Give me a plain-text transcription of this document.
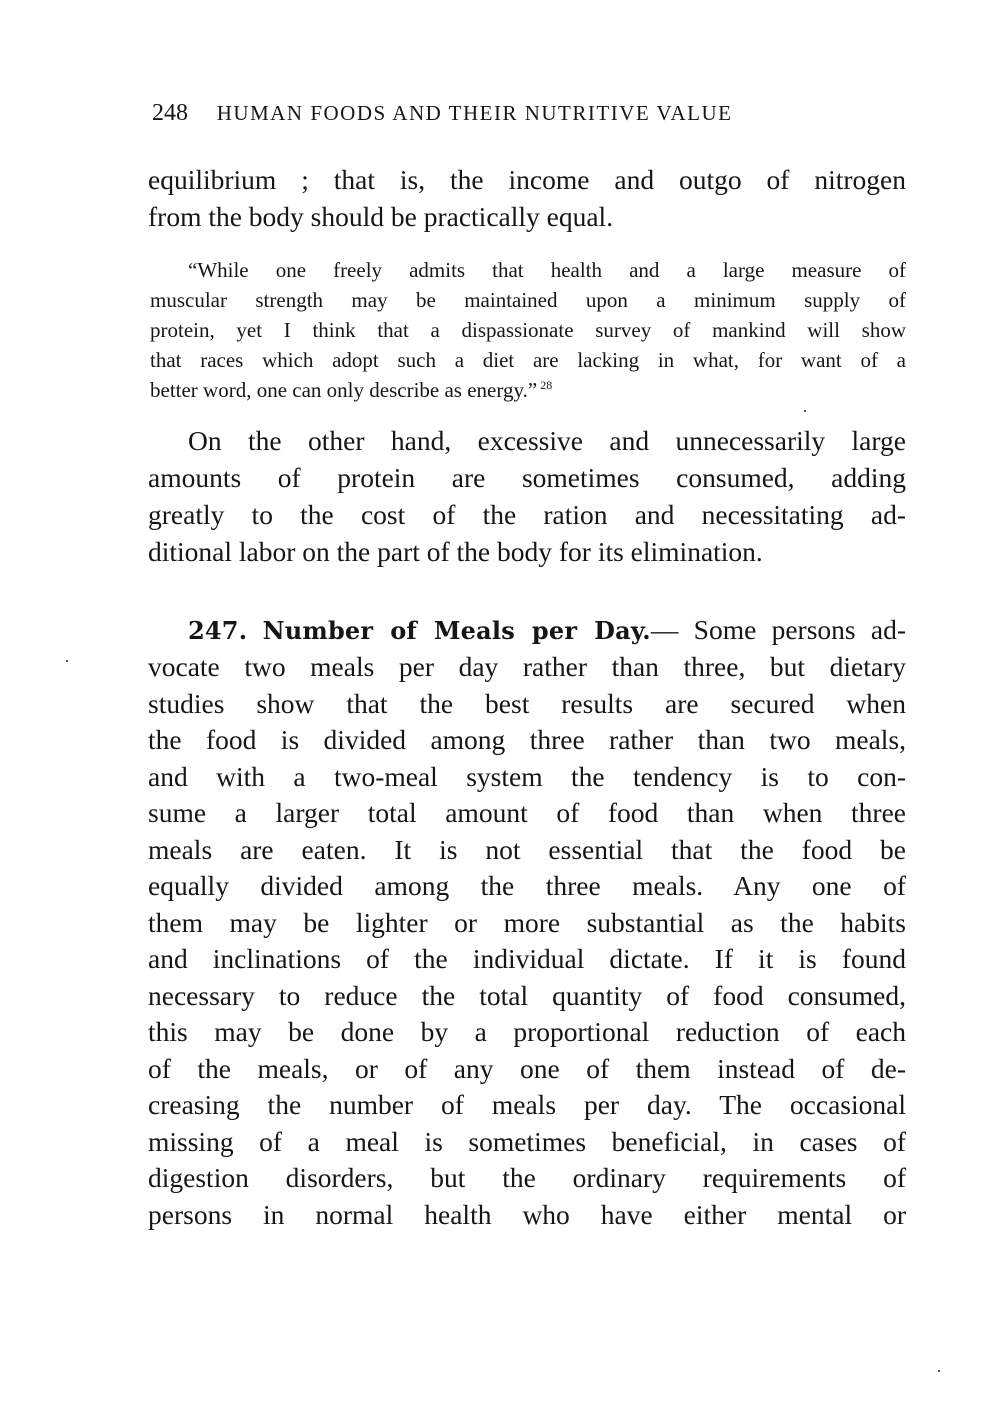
248 HUMAN FOODS AND THEIR NUTRITIVE VALUE
equilibrium ; that is, the income and outgo of nitrogen
from the body should be practically equal.
“While one freely admits that health and a large measure of
muscular strength may be maintained upon a minimum supply of
protein, yet I think that a dispassionate survey of mankind will show
that races which adopt such a diet are lacking in what, for want of a
better word, one can only describe as energy.” $^{28}$
On the other hand, excessive and unnecessarily large
amounts of protein are sometimes consumed, adding
greatly to the cost of the ration and necessitating ad-
ditional labor on the part of the body for its elimination.
247. Number of Meals per Day.— Some persons ad-
vocate two meals per day rather than three, but dietary
studies show that the best results are secured when
the food is divided among three rather than two meals,
and with a two-meal system the tendency is to con-
sume a larger total amount of food than when three
meals are eaten. It is not essential that the food be
equally divided among the three meals. Any one of
them may be lighter or more substantial as the habits
and inclinations of the individual dictate. If it is found
necessary to reduce the total quantity of food consumed,
this may be done by a proportional reduction of each
of the meals, or of any one of them instead of de-
creasing the number of meals per day. The occasional
missing of a meal is sometimes beneficial, in cases of
digestion disorders, but the ordinary requirements of
persons in normal health who have either mental or
